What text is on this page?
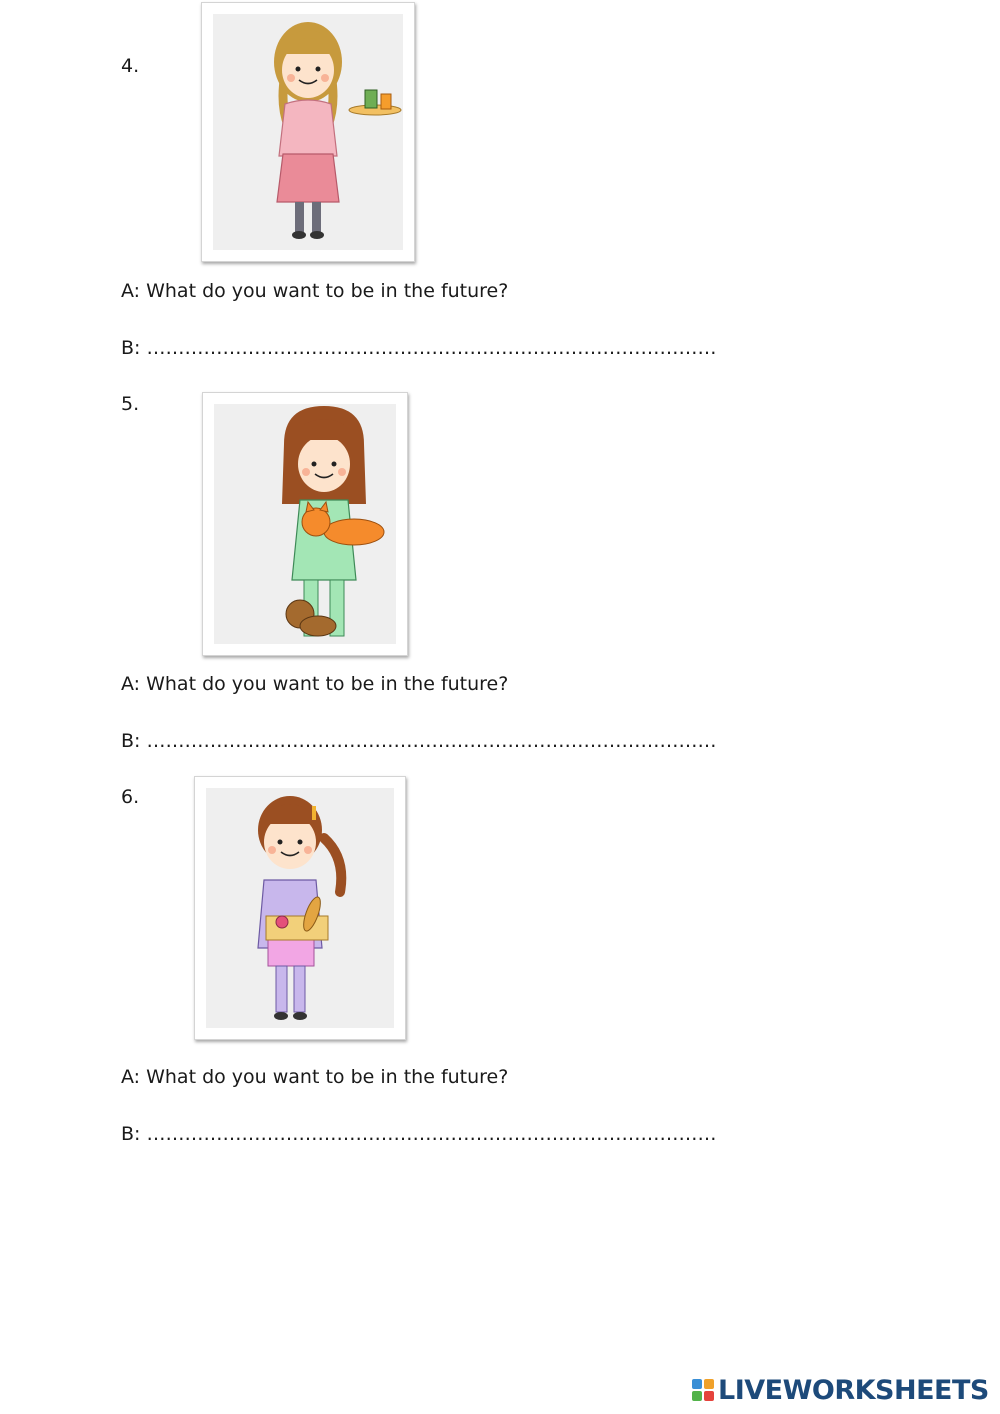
4.
A: What do you want to be in the future?
B: ………………………………………………………………………………
5.
A: What do you want to be in the future?
B: ………………………………………………………………………………
6.
A: What do you want to be in the future?
B: ………………………………………………………………………………
LIVEWORKSHEETS
